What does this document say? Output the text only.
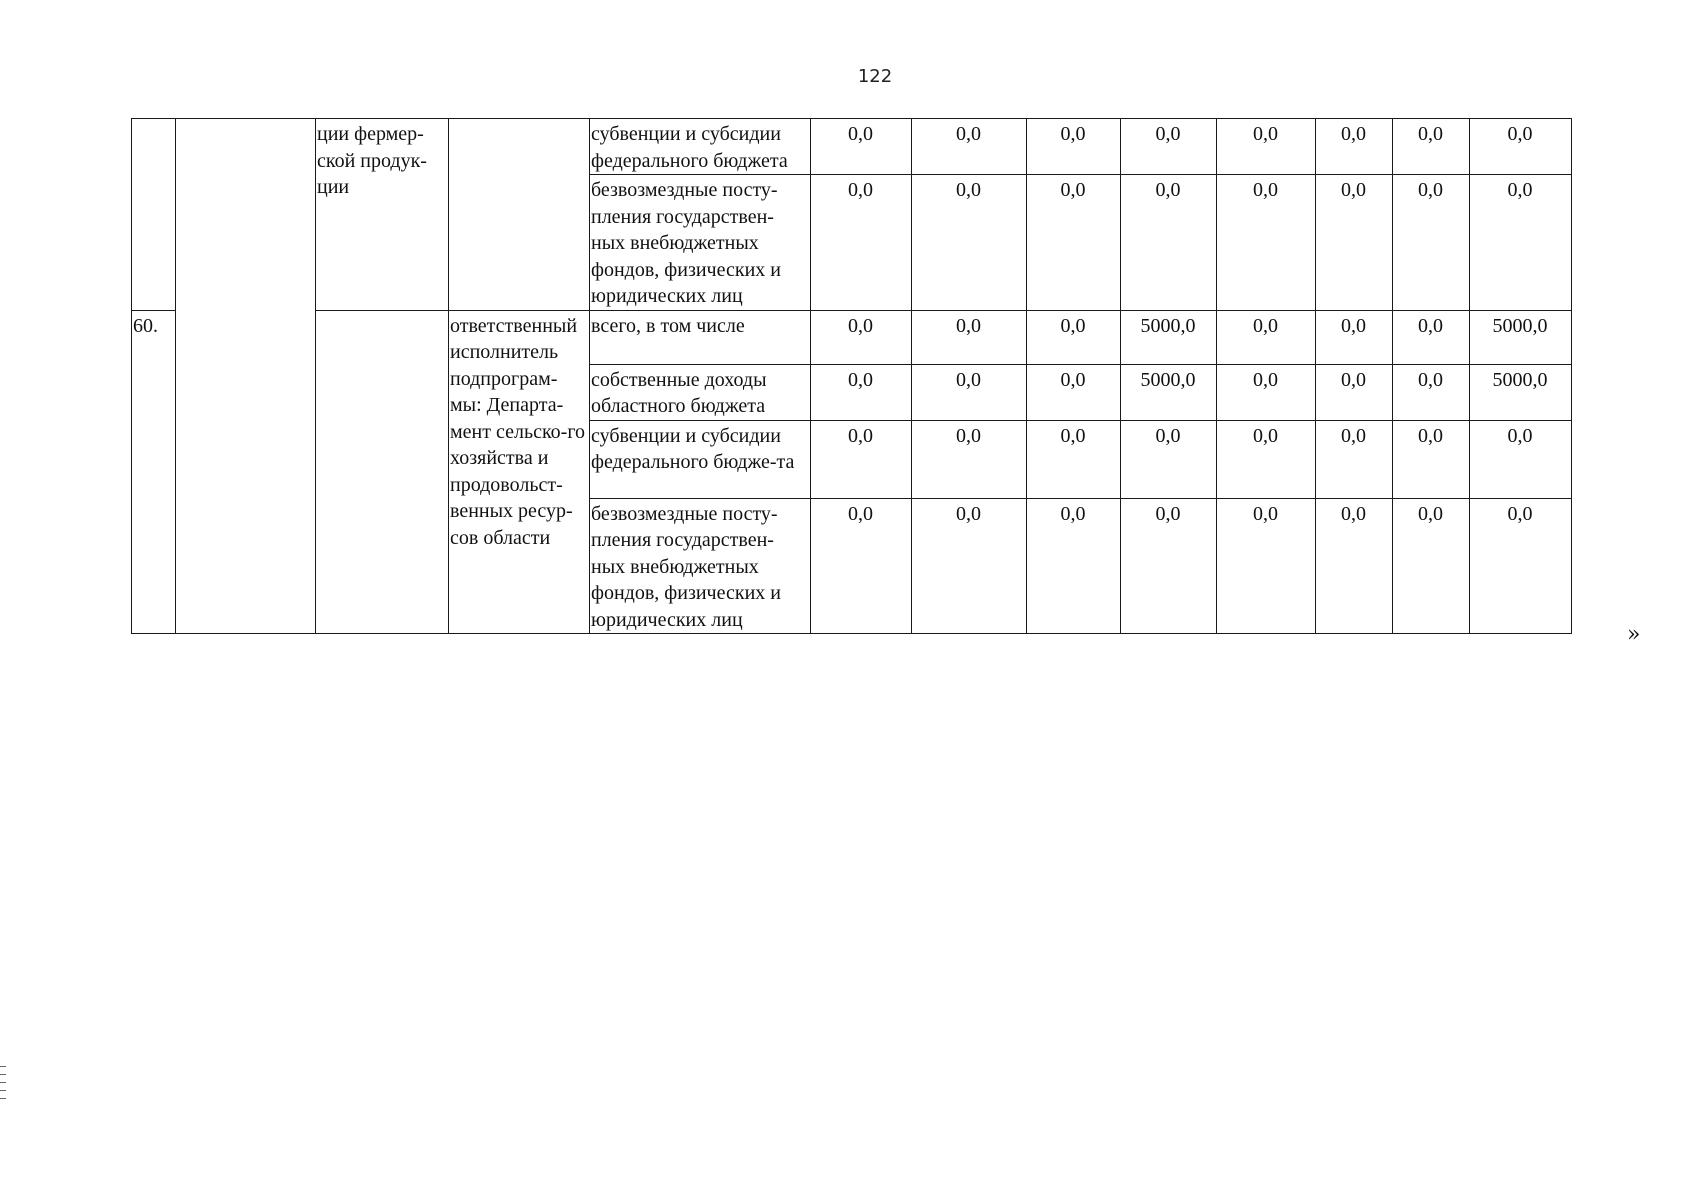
122
		ции фермер-ской продук-ции		субвенции и субсидии федерального бюджета	0,0	0,0	0,0	0,0	0,0	0,0	0,0	0,0
				безвозмездные посту-пления государствен-ных внебюджетных фондов, физических и юридических лиц	0,0	0,0	0,0	0,0	0,0	0,0	0,0	0,0
60.			ответственный исполнитель подпрограм-мы: Департа-мент сельско-го хозяйства и продовольст-венных ресур-сов области	всего, в том числе	0,0	0,0	0,0	5000,0	0,0	0,0	0,0	5000,0
				собственные доходы областного бюджета	0,0	0,0	0,0	5000,0	0,0	0,0	0,0	5000,0
				субвенции и субсидии федерального бюдже-та	0,0	0,0	0,0	0,0	0,0	0,0	0,0	0,0
				безвозмездные посту-пления государствен-ных внебюджетных фондов, физических и юридических лиц	0,0	0,0	0,0	0,0	0,0	0,0	0,0	0,0
»
